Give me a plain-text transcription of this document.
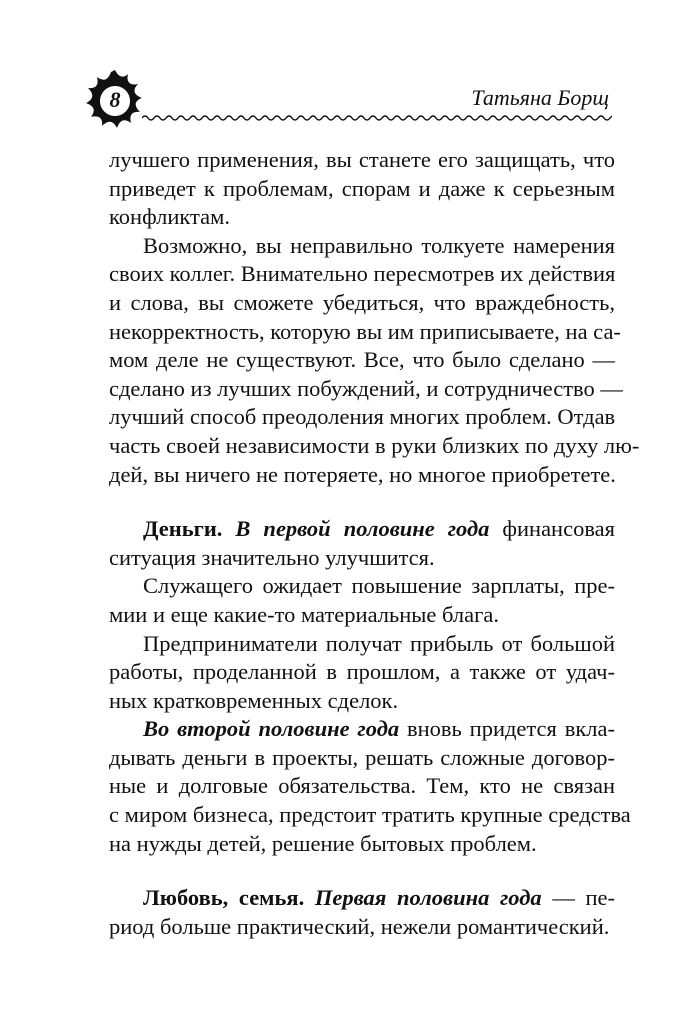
8	Татьяна Борщ
лучшего применения, вы станете его защищать, что
приведет к проблемам, спорам и даже к серьезным
конфликтам.
Возможно, вы неправильно толкуете намерения
своих коллег. Внимательно пересмотрев их действия
и слова, вы сможете убедиться, что враждебность,
некорректность, которую вы им приписываете, на са-
мом деле не существуют. Все, что было сделано —
сделано из лучших побуждений, и сотрудничество —
лучший способ преодоления многих проблем. Отдав
часть своей независимости в руки близких по духу лю-
дей, вы ничего не потеряете, но многое приобретете.
Деньги. В первой половине года финансовая
ситуация значительно улучшится.
Служащего ожидает повышение зарплаты, пре-
мии и еще какие-то материальные блага.
Предприниматели получат прибыль от большой
работы, проделанной в прошлом, а также от удач-
ных кратковременных сделок.
Во второй половине года вновь придется вкла-
дывать деньги в проекты, решать сложные договор-
ные и долговые обязательства. Тем, кто не связан
с миром бизнеса, предстоит тратить крупные средства
на нужды детей, решение бытовых проблем.
Любовь, семья. Первая половина года — пе-
риод больше практический, нежели романтический.
